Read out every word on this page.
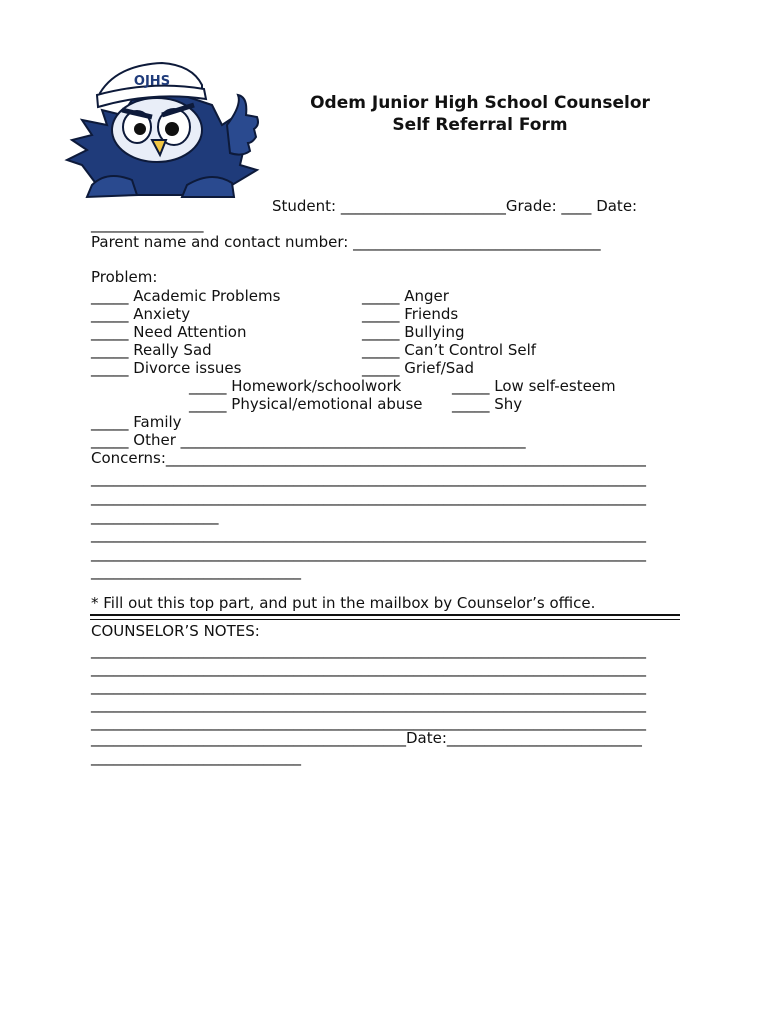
OJHS
Odem Junior High School Counselor
Self Referral Form
Student: ______________________Grade: ____ Date:
_______________
Parent name and contact number: _________________________________
Problem:
_____ Academic Problems
_____ Anxiety
_____ Need Attention
_____ Really Sad
_____ Divorce issues
_____ Anger
_____ Friends
_____ Bullying
_____ Can’t Control Self
_____ Grief/Sad
_____ Homework/schoolwork
_____ Physical/emotional abuse
_____ Low self-esteem
_____ Shy
_____ Family
_____ Other ______________________________________________
Concerns:________________________________________________________________
__________________________________________________________________________
__________________________________________________________________________
_________________
__________________________________________________________________________
__________________________________________________________________________
____________________________
* Fill out this top part, and put in the mailbox by Counselor’s office.
COUNSELOR’S NOTES:
__________________________________________________________________________
__________________________________________________________________________
__________________________________________________________________________
__________________________________________________________________________
__________________________________________________________________________
__________________________________________Date:__________________________
____________________________
